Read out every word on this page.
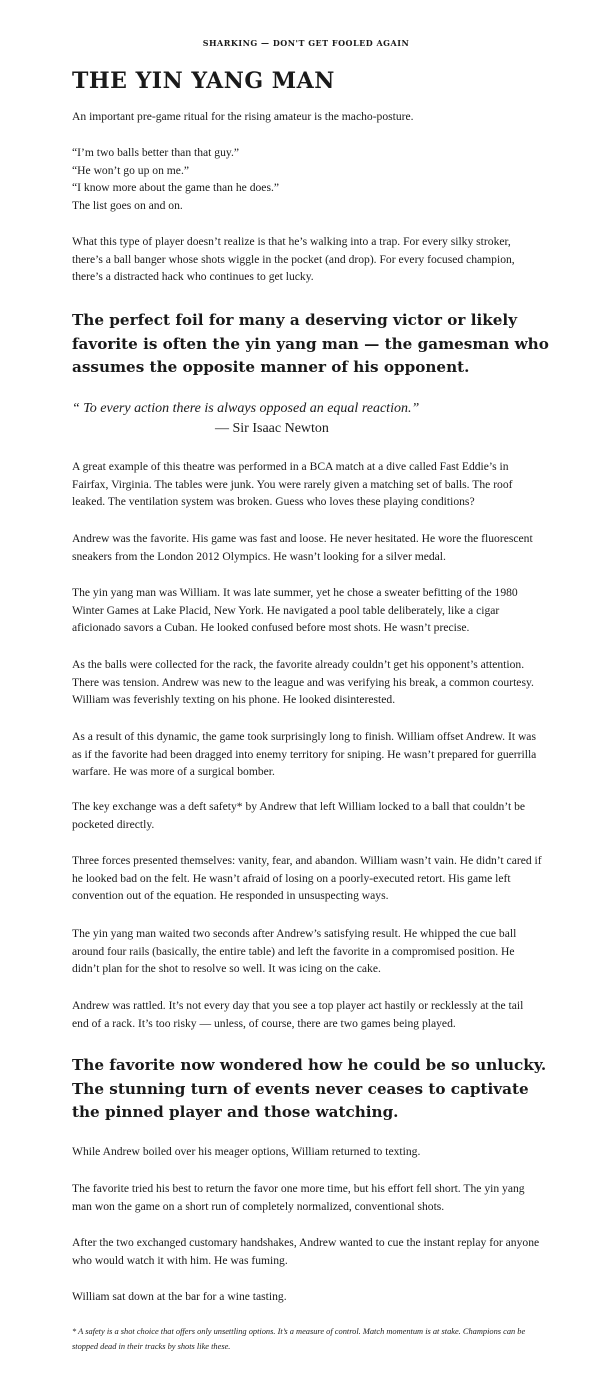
SHARKING — DON'T GET FOOLED AGAIN
THE YIN YANG MAN

An important pre-game ritual for the rising amateur is the macho-posture.

“I’m two balls better than that guy.”
“He won’t go up on me.”
“I know more about the game than he does.”
The list goes on and on.

What this type of player doesn’t realize is that he’s walking into a trap. For every silky stroker, there’s a ball banger whose shots wiggle in the pocket (and drop). For every focused champion, there’s a distracted hack who continues to get lucky.

The perfect foil for many a deserving victor or likely favorite is often the yin yang man — the gamesman who assumes the opposite manner of his opponent.

“ To every action there is always opposed an equal reaction.”
— Sir Isaac Newton

A great example of this theatre was performed in a BCA match at a dive called Fast Eddie’s in Fairfax, Virginia. The tables were junk. You were rarely given a matching set of balls. The roof leaked. The ventilation system was broken. Guess who loves these playing conditions?

Andrew was the favorite. His game was fast and loose. He never hesitated. He wore the fluorescent sneakers from the London 2012 Olympics. He wasn’t looking for a silver medal.

The yin yang man was William. It was late summer, yet he chose a sweater befitting of the 1980 Winter Games at Lake Placid, New York. He navigated a pool table deliberately, like a cigar aficionado savors a Cuban. He looked confused before most shots. He wasn’t precise.

As the balls were collected for the rack, the favorite already couldn’t get his opponent’s attention. There was tension. Andrew was new to the league and was verifying his break, a common courtesy. William was feverishly texting on his phone. He looked disinterested.

As a result of this dynamic, the game took surprisingly long to finish. William offset Andrew. It was as if the favorite had been dragged into enemy territory for sniping. He wasn’t prepared for guerrilla warfare. He was more of a surgical bomber.

The key exchange was a deft safety* by Andrew that left William locked to a ball that couldn’t be pocketed directly.

Three forces presented themselves: vanity, fear, and abandon. William wasn’t vain. He didn’t cared if he looked bad on the felt. He wasn’t afraid of losing on a poorly-executed retort. His game left convention out of the equation. He responded in unsuspecting ways.

The yin yang man waited two seconds after Andrew’s satisfying result. He whipped the cue ball around four rails (basically, the entire table) and left the favorite in a compromised position. He didn’t plan for the shot to resolve so well. It was icing on the cake.

Andrew was rattled. It’s not every day that you see a top player act hastily or recklessly at the tail end of a rack. It’s too risky — unless, of course, there are two games being played.

The favorite now wondered how he could be so unlucky. The stunning turn of events never ceases to captivate the pinned player and those watching.

While Andrew boiled over his meager options, William returned to texting.

The favorite tried his best to return the favor one more time, but his effort fell short. The yin yang man won the game on a short run of completely normalized, conventional shots.

After the two exchanged customary handshakes, Andrew wanted to cue the instant replay for anyone who would watch it with him. He was fuming.

William sat down at the bar for a wine tasting.

* A safety is a shot choice that offers only unsettling options. It’s a measure of control. Match momentum is at stake. Champions can be stopped dead in their tracks by shots like these.
